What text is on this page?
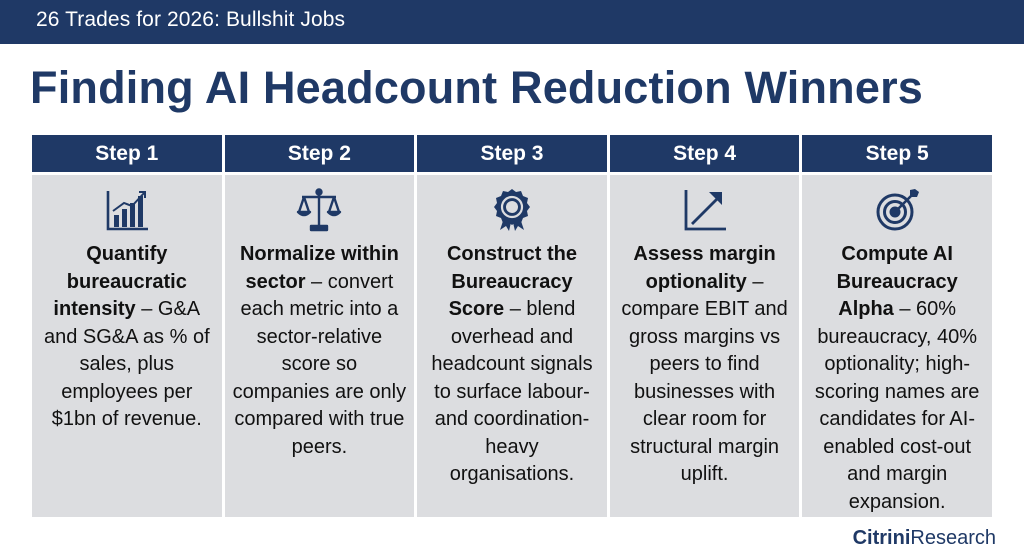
26 Trades for 2026: Bullshit Jobs
Finding AI Headcount Reduction Winners
Step 1
Quantify bureaucratic intensity – G&A and SG&A as % of sales, plus employees per $1bn of revenue.
Step 2
Normalize within sector – convert each metric into a sector-relative score so companies are only compared with true peers.
Step 3
Construct the Bureaucracy Score – blend overhead and headcount signals to surface labour- and coordination-heavy organisations.
Step 4
Assess margin optionality – compare EBIT and gross margins vs peers to find businesses with clear room for structural margin uplift.
Step 5
Compute AI Bureaucracy Alpha – 60% bureaucracy, 40% optionality; high-scoring names are candidates for AI-enabled cost-out and margin expansion.
CitriniResearch
